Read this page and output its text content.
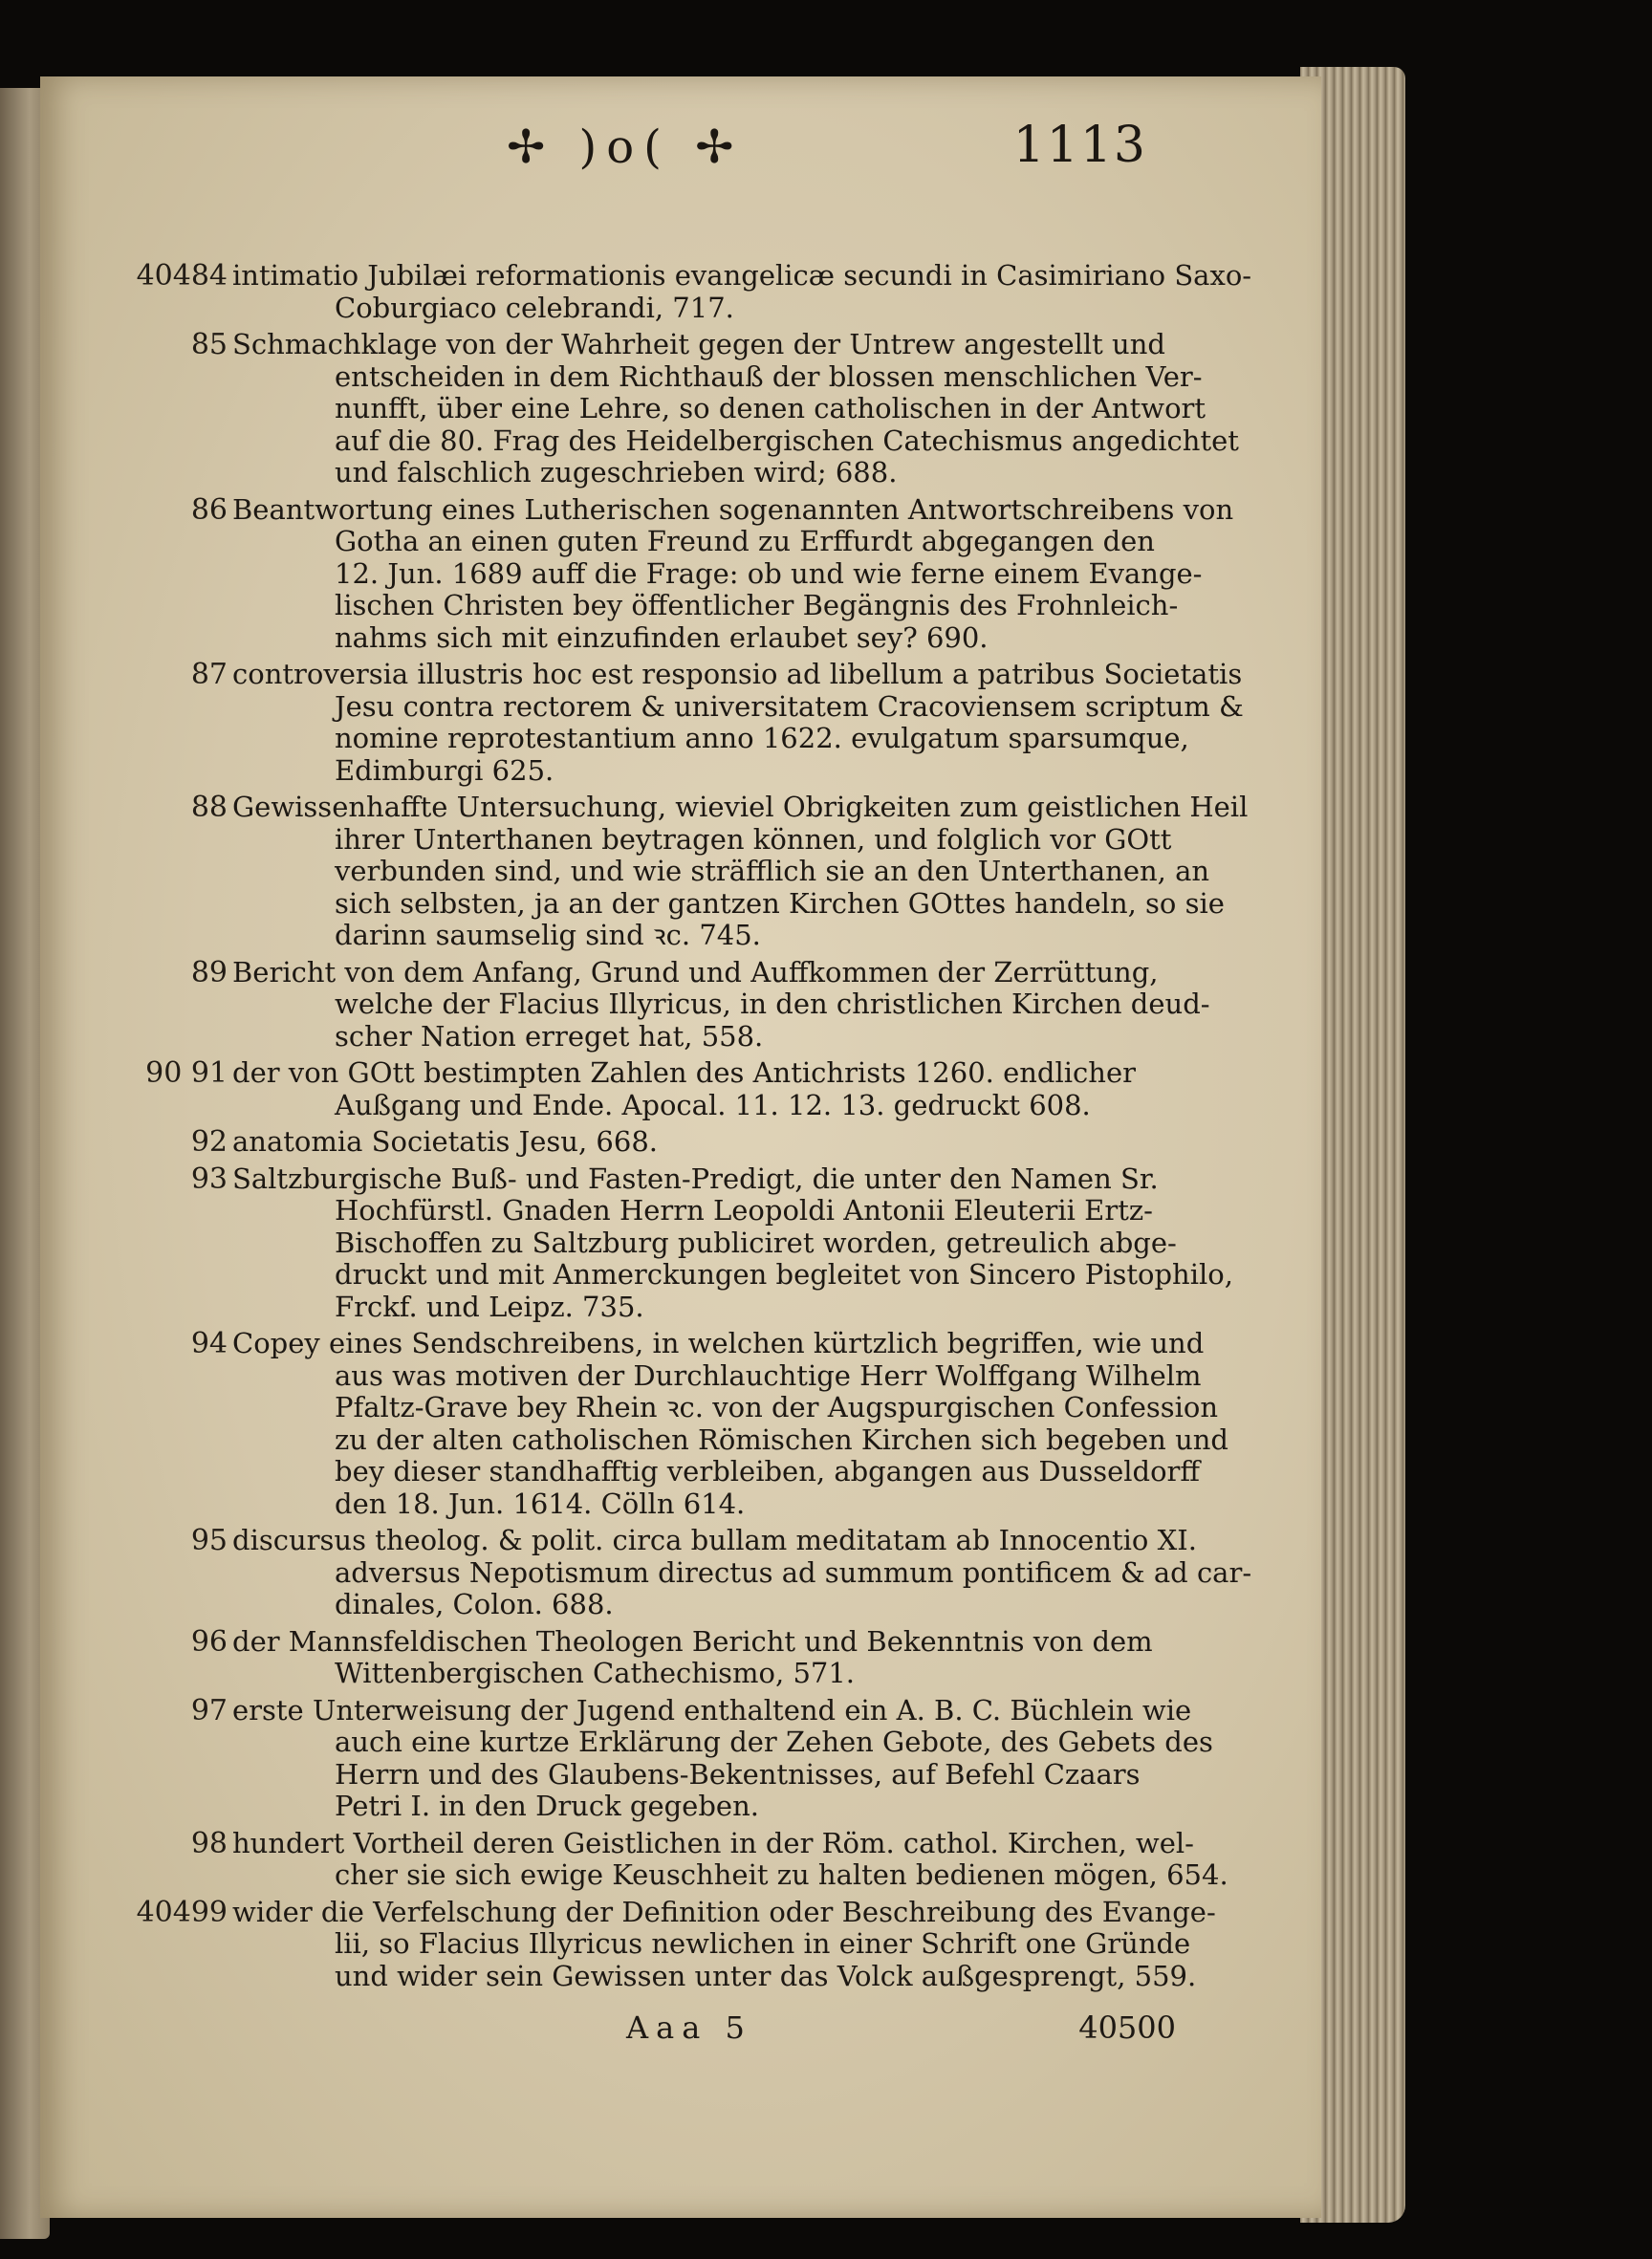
✢ )o( ✢	1113
40484 intimatio Jubilæi reformationis evangelicæ secundi in Casimiriano Saxo-
Coburgiaco celebrandi, 717.
85 Schmachklage von der Wahrheit gegen der Untrew angestellt und
entscheiden in dem Richthauß der blossen menschlichen Ver-
nunfft, über eine Lehre, so denen catholischen in der Antwort
auf die 80. Frag des Heidelbergischen Catechismus angedichtet
und falschlich zugeschrieben wird; 688.
86 Beantwortung eines Lutherischen sogenannten Antwortschreibens von
Gotha an einen guten Freund zu Erffurdt abgegangen den
12. Jun. 1689 auff die Frage: ob und wie ferne einem Evange-
lischen Christen bey öffentlicher Begängnis des Frohnleich-
nahms sich mit einzufinden erlaubet sey? 690.
87 controversia illustris hoc est responsio ad libellum a patribus Societatis
Jesu contra rectorem & universitatem Cracoviensem scriptum &
nomine reprotestantium anno 1622. evulgatum sparsumque,
Edimburgi 625.
88 Gewissenhaffte Untersuchung, wieviel Obrigkeiten zum geistlichen Heil
ihrer Unterthanen beytragen können, und folglich vor GOtt
verbunden sind, und wie sträfflich sie an den Unterthanen, an
sich selbsten, ja an der gantzen Kirchen GOttes handeln, so sie
darinn saumselig sind ꝛc. 745.
89 Bericht von dem Anfang, Grund und Auffkommen der Zerrüttung,
welche der Flacius Illyricus, in den christlichen Kirchen deud-
scher Nation erreget hat, 558.
90 91 der von GOtt bestimpten Zahlen des Antichrists 1260. endlicher
Außgang und Ende. Apocal. 11. 12. 13. gedruckt 608.
92 anatomia Societatis Jesu, 668.
93 Saltzburgische Buß- und Fasten-Predigt, die unter den Namen Sr.
Hochfürstl. Gnaden Herrn Leopoldi Antonii Eleuterii Ertz-
Bischoffen zu Saltzburg publiciret worden, getreulich abge-
druckt und mit Anmerckungen begleitet von Sincero Pistophilo,
Frckf. und Leipz. 735.
94 Copey eines Sendschreibens, in welchen kürtzlich begriffen, wie und
aus was motiven der Durchlauchtige Herr Wolffgang Wilhelm
Pfaltz-Grave bey Rhein ꝛc. von der Augspurgischen Confession
zu der alten catholischen Römischen Kirchen sich begeben und
bey dieser standhafftig verbleiben, abgangen aus Dusseldorff
den 18. Jun. 1614. Cölln 614.
95 discursus theolog. & polit. circa bullam meditatam ab Innocentio XI.
adversus Nepotismum directus ad summum pontificem & ad car-
dinales, Colon. 688.
96 der Mannsfeldischen Theologen Bericht und Bekenntnis von dem
Wittenbergischen Cathechismo, 571.
97 erste Unterweisung der Jugend enthaltend ein A. B. C. Büchlein wie
auch eine kurtze Erklärung der Zehen Gebote, des Gebets des
Herrn und des Glaubens-Bekentnisses, auf Befehl Czaars
Petri I. in den Druck gegeben.
98 hundert Vortheil deren Geistlichen in der Röm. cathol. Kirchen, wel-
cher sie sich ewige Keuschheit zu halten bedienen mögen, 654.
40499 wider die Verfelschung der Definition oder Beschreibung des Evange-
lii, so Flacius Illyricus newlichen in einer Schrift one Gründe
und wider sein Gewissen unter das Volck außgesprengt, 559.
Aaa 5	40500
